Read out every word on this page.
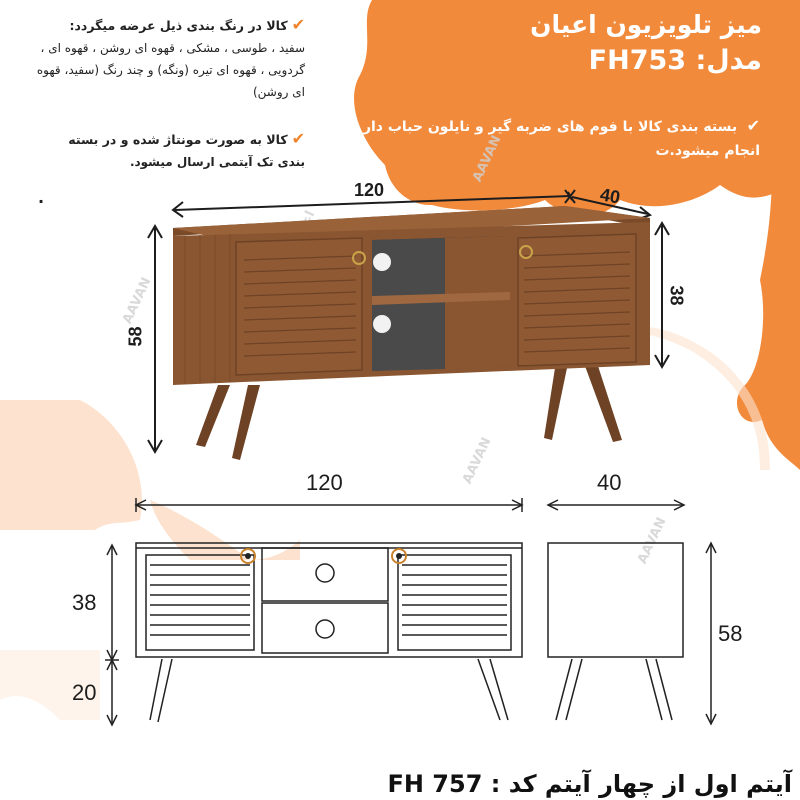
میز تلویزیون اعیان
مدل: FH753
✔ بسته بندی کالا با فوم های ضربه گیر و نایلون حباب دار انجام میشود.ت
✔کالا در رنگ بندی ذیل عرضه میگردد:
سفید ، طوسی ، مشکی ، قهوه ای روشن ، قهوه ای ، گردویی ، قهوه ای تیره (ونگه) و چند رنگ (سفید، قهوه ای روشن)
✔کالا به صورت مونتاژ شده و در بسته
بندی تک آیتمی ارسال میشود.
.
AAVAN
AAVAN
AAVAN
AAVAN
120	40
58
38
120	40
38
20
58
آیتم اول از چهار آیتم کد : FH 757
